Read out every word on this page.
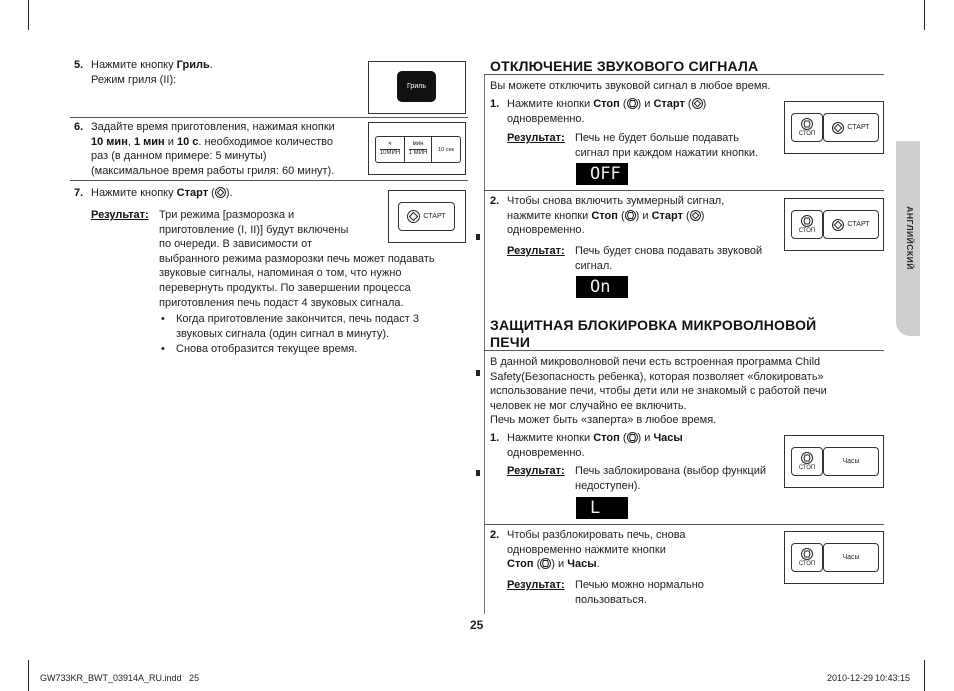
5. Нажмите кнопку Гриль.
Режим гриля (II):
Гриль
6. Задайте время приготовления, нажимая кнопки
10 мин, 1 мин и 10 с. необходимое количество
раз (в данном примере: 5 минуты)
(максимальное время работы гриля: 60 минут).
ч
10МИН
мин
1 МИН
10 сек
7. Нажмите кнопку Старт ( ).
Результат: Три режима [разморозка и
приготовление (I, II)] будут включены
по очереди. В зависимости от
выбранного режима разморозки печь может подавать
звуковые сигналы, напоминая о том, что нужно
перевернуть продукты. По завершении процесса
приготовления печь подаст 4 звуковых сигнала.
• Когда приготовление закончится, печь подаст 3
звуковых сигнала (один сигнал в минуту).
• Снова отобразится текущее время.
СТАРТ
ОТКЛЮЧЕНИЕ ЗВУКОВОГО СИГНАЛА
Вы можете отключить звуковой сигнал в любое время.
1. Нажмите кнопки Стоп ( ) и Старт ( )
одновременно.
Результат: Печь не будет больше подавать
сигнал при каждом нажатии кнопки.
OFF
СТОП
СТАРТ
2. Чтобы снова включить зуммерный сигнал,
нажмите кнопки Стоп ( ) и Старт ( )
одновременно.
Результат: Печь будет снова подавать звуковой
сигнал.
On
СТОП
СТАРТ
ЗАЩИТНАЯ БЛОКИРОВКА МИКРОВОЛНОВОЙ
ПЕЧИ
В данной микроволновой печи есть встроенная программа Child
Safety(Безопасность ребенка), которая позволяет «блокировать»
использование печи, чтобы дети или не знакомый с работой печи
человек не мог случайно ее включить.
Печь может быть «заперта» в любое время.
1. Нажмите кнопки Стоп ( ) и Часы
одновременно.
Результат: Печь заблокирована (выбор функций
недоступен).
L
СТОП
Часы
2. Чтобы разблокировать печь, снова
одновременно нажмите кнопки
Стоп ( ) и Часы.
Результат: Печью можно нормально
пользоваться.
СТОП
Часы
АНГЛИЙСКИЙ
25
GW733KR_BWT_03914A_RU.indd   25	2010-12-29 10:43:15
